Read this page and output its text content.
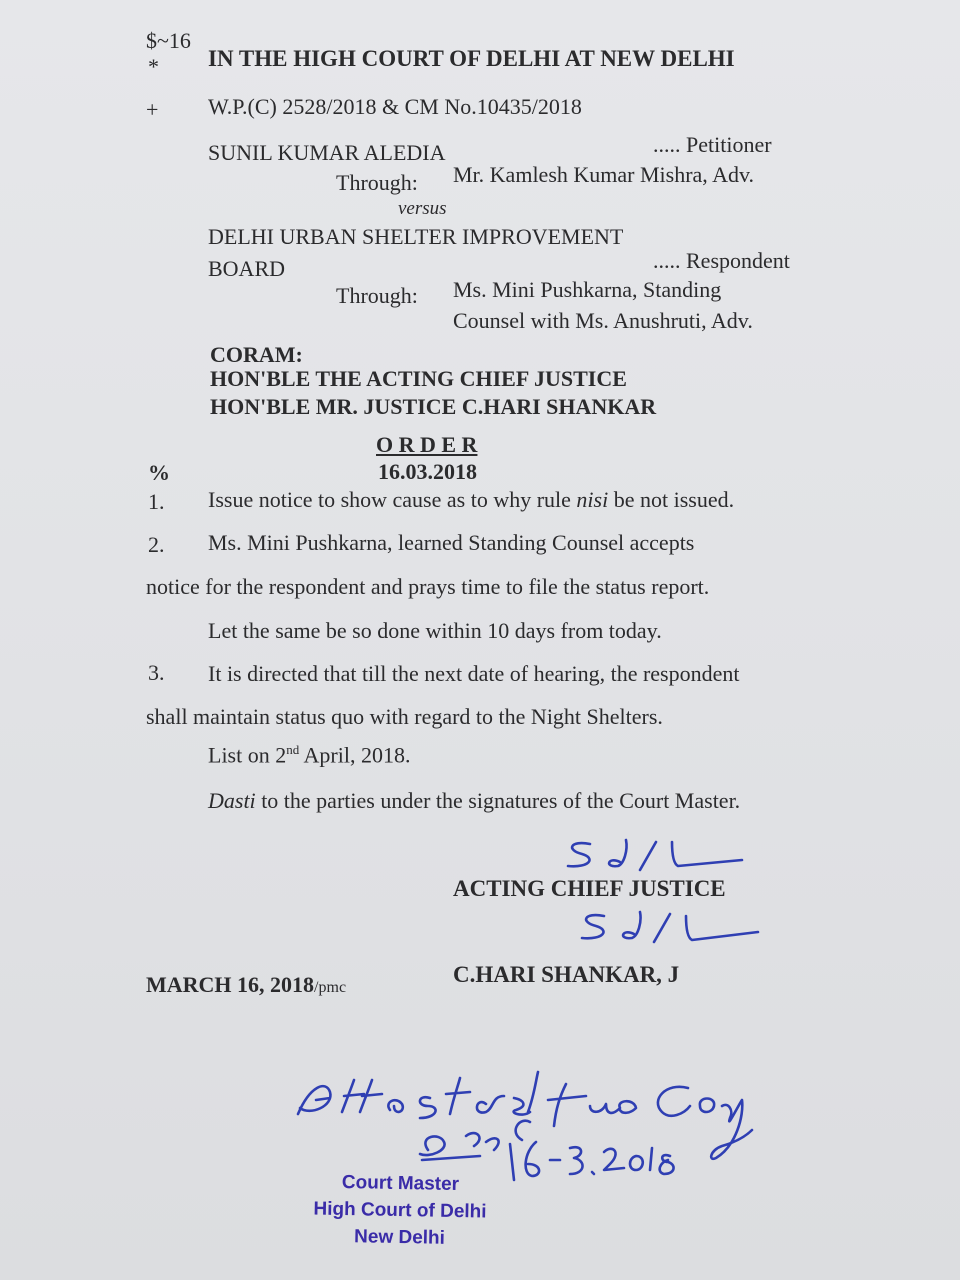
$~16
* IN THE HIGH COURT OF DELHI AT NEW DELHI
+ W.P.(C) 2528/2018 & CM No.10435/2018
SUNIL KUMAR ALEDIA	..... Petitioner
Through: Mr. Kamlesh Kumar Mishra, Adv.
versus
DELHI URBAN SHELTER IMPROVEMENT
BOARD	..... Respondent
Through: Ms. Mini Pushkarna, Standing
Counsel with Ms. Anushruti, Adv.
CORAM:
HON'BLE THE ACTING CHIEF JUSTICE
HON'BLE MR. JUSTICE C.HARI SHANKAR
O R D E R
%	16.03.2018
1. Issue notice to show cause as to why rule nisi be not issued.
2. Ms. Mini Pushkarna, learned Standing Counsel accepts
notice for the respondent and prays time to file the status report.
Let the same be so done within 10 days from today.
3. It is directed that till the next date of hearing, the respondent
shall maintain status quo with regard to the Night Shelters.
List on 2nd April, 2018.
Dasti to the parties under the signatures of the Court Master.
ACTING CHIEF JUSTICE
C.HARI SHANKAR, J
MARCH 16, 2018/pmc
Court Master
High Court of Delhi
New Delhi
